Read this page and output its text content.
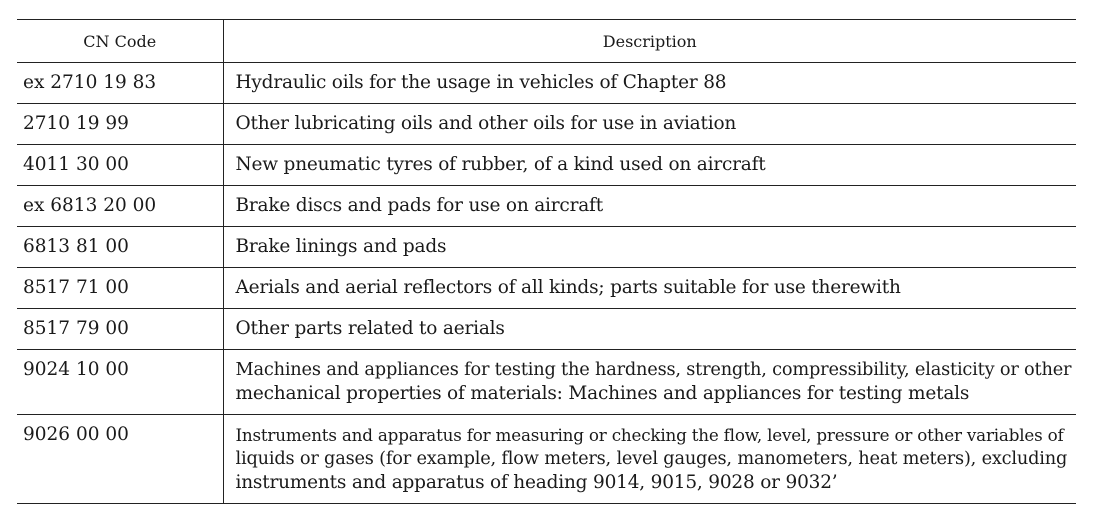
CN Code	Description
ex 2710 19 83	Hydraulic oils for the usage in vehicles of Chapter 88

2710 19 99	Other lubricating oils and other oils for use in aviation

4011 30 00	New pneumatic tyres of rubber, of a kind used on aircraft

ex 6813 20 00	Brake discs and pads for use on aircraft

6813 81 00	Brake linings and pads

8517 71 00	Aerials and aerial reflectors of all kinds; parts suitable for use therewith

8517 79 00	Other parts related to aerials

9024 10 00	Machines and appliances for testing the hardness, strength, compressibility, elasticity or other
mechanical properties of materials: Machines and appliances for testing metals

9026 00 00	Instruments and apparatus for measuring or checking the flow, level, pressure or other variables of
liquids or gases (for example, flow meters, level gauges, manometers, heat meters), excluding
instruments and apparatus of heading 9014, 9015, 9028 or 9032’
